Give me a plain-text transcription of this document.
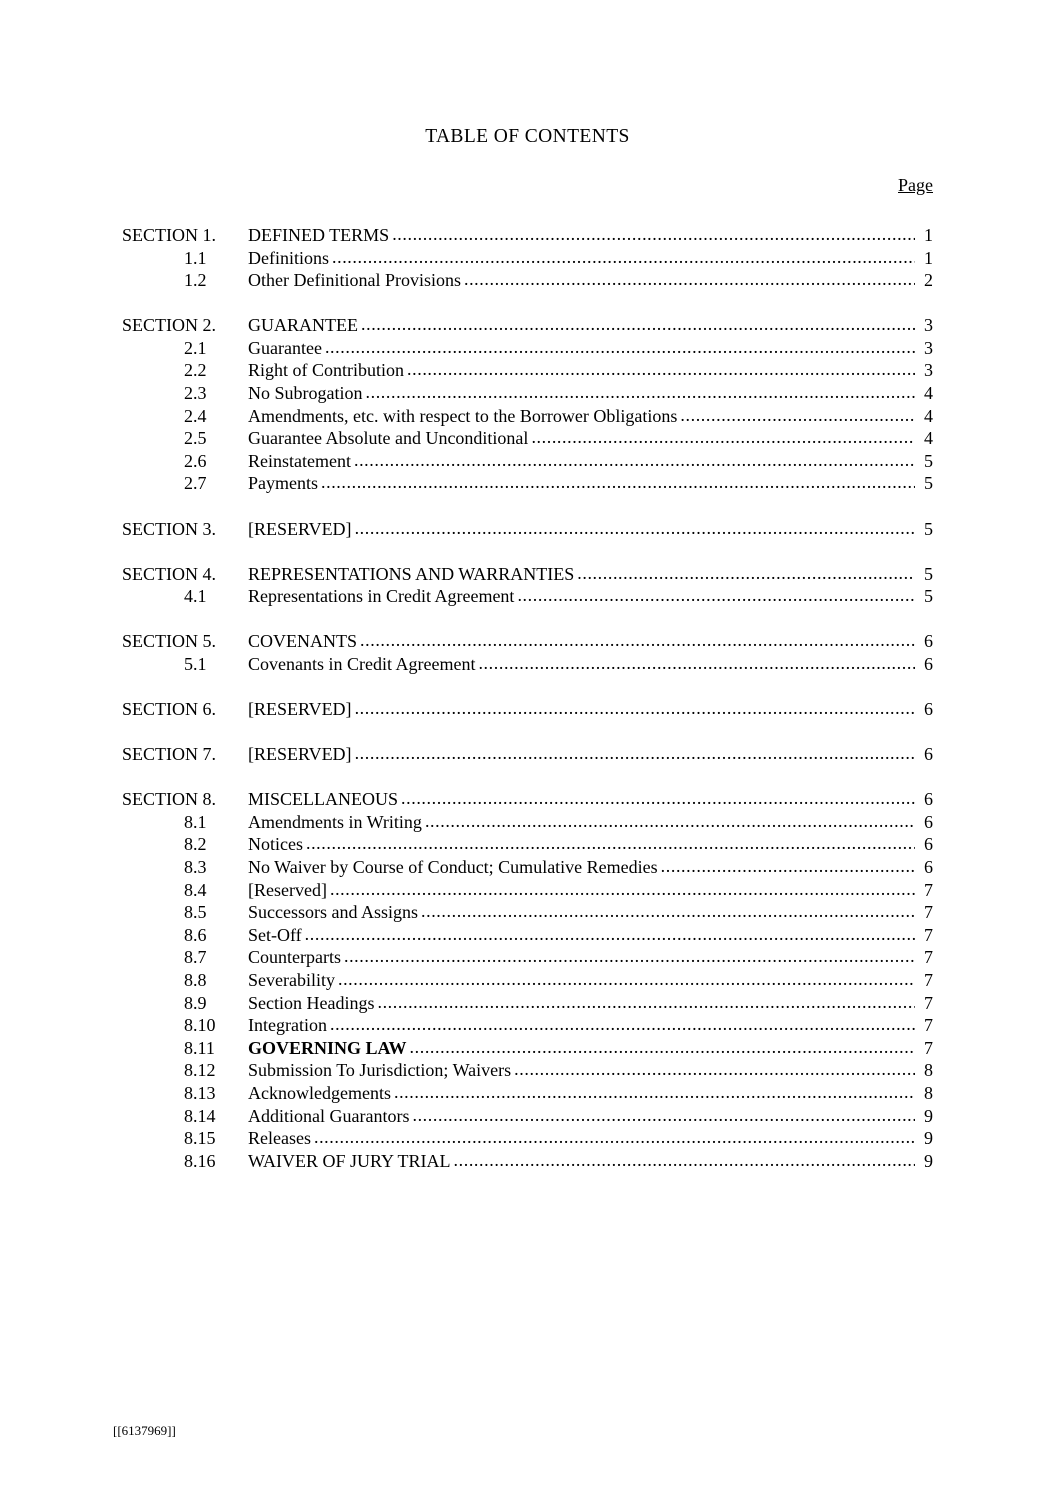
TABLE OF CONTENTS
Page
SECTION 1.	DEFINED TERMS .....	1
1.1	Definitions .....	1
1.2	Other Definitional Provisions .....	2
SECTION 2.	GUARANTEE .....	3
2.1	Guarantee .....	3
2.2	Right of Contribution .....	3
2.3	No Subrogation .....	4
2.4	Amendments, etc. with respect to the Borrower Obligations .....	4
2.5	Guarantee Absolute and Unconditional .....	4
2.6	Reinstatement .....	5
2.7	Payments .....	5
SECTION 3.	[RESERVED] .....	5
SECTION 4.	REPRESENTATIONS AND WARRANTIES .....	5
4.1	Representations in Credit Agreement .....	5
SECTION 5.	COVENANTS .....	6
5.1	Covenants in Credit Agreement .....	6
SECTION 6.	[RESERVED] .....	6
SECTION 7.	[RESERVED] .....	6
SECTION 8.	MISCELLANEOUS .....	6
8.1	Amendments in Writing .....	6
8.2	Notices .....	6
8.3	No Waiver by Course of Conduct; Cumulative Remedies .....	6
8.4	[Reserved] .....	7
8.5	Successors and Assigns .....	7
8.6	Set-Off .....	7
8.7	Counterparts .....	7
8.8	Severability .....	7
8.9	Section Headings .....	7
8.10	Integration .....	7
8.11	GOVERNING LAW .....	7
8.12	Submission To Jurisdiction; Waivers .....	8
8.13	Acknowledgements .....	8
8.14	Additional Guarantors .....	9
8.15	Releases .....	9
8.16	WAIVER OF JURY TRIAL .....	9
[[6137969]]
